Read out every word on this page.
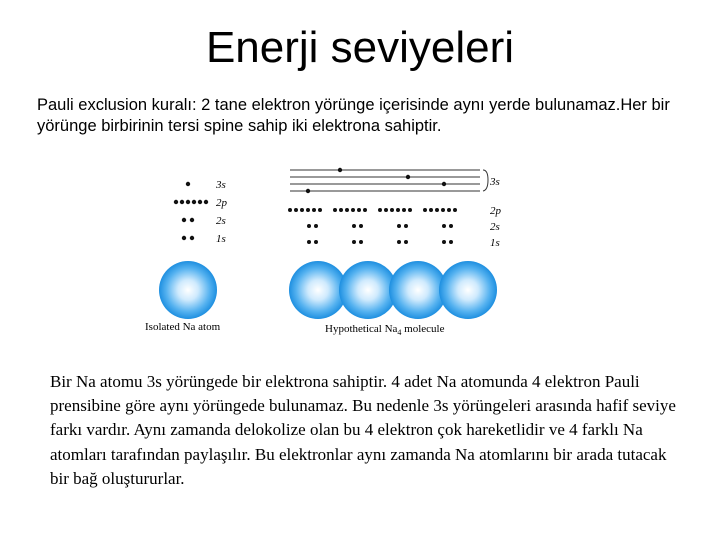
Enerji seviyeleri
Pauli exclusion kuralı: 2 tane elektron yörünge içerisinde aynı yerde bulunamaz.Her bir yörünge birbirinin tersi spine sahip iki elektrona sahiptir.
3s
2p
2s
1s
Isolated Na atom
3s
2p
2s
1s
Hypothetical $Na_4$ molecule
Bir Na atomu 3s yörüngede bir elektrona sahiptir. 4 adet Na atomunda 4 elektron Pauli prensibine göre aynı yörüngede bulunamaz. Bu nedenle 3s yörüngeleri arasında hafif seviye farkı vardır. Aynı zamanda delokolize olan bu 4 elektron çok hareketlidir ve 4 farklı Na atomları tarafından paylaşılır. Bu elektronlar aynı zamanda Na atomlarını bir arada tutacak bir bağ oluştururlar.
